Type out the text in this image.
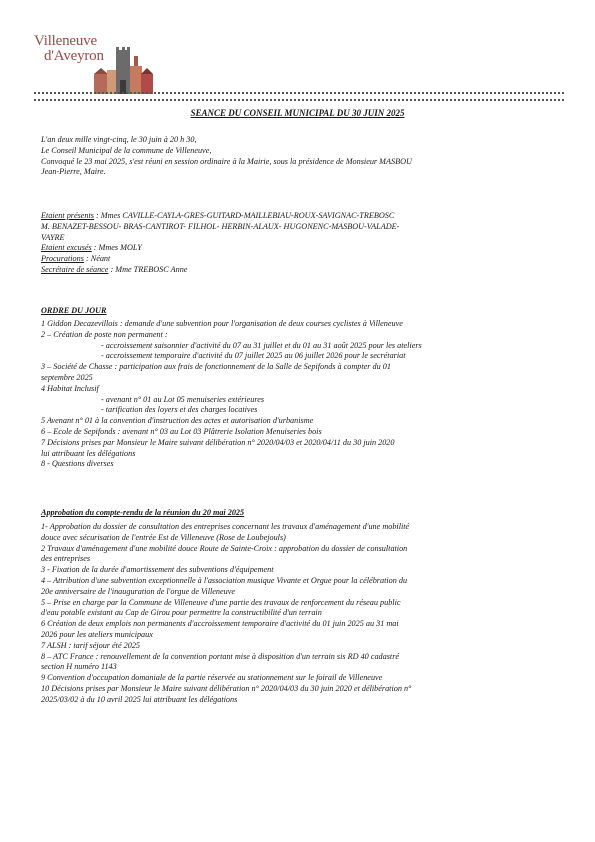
Villeneuve
d'Aveyron
SEANCE DU CONSEIL MUNICIPAL DU 30 JUIN 2025

L'an deux mille vingt-cinq, le 30 juin à 20 h 30,

Le Conseil Municipal de la commune de Villeneuve,

Convoqué le 23 mai 2025, s'est réuni en session ordinaire à la Mairie, sous la présidence de Monsieur MASBOU

Jean-Pierre, Maire.

Etaient présents : Mmes CAVILLE-CAYLA-GRES-GUITARD-MAILLEBIAU-ROUX-SAVIGNAC-TREBOSC

M. BENAZET-BESSOU- BRAS-CANTIROT- FILHOL- HERBIN-ALAUX- HUGONENC-MASBOU-VALADE-

VAYRE

Etaient excusés : Mmes MOLY

Procurations : Néant

Secrétaire de séance : Mme TREBOSC Anne

ORDRE DU JOUR

1 Giddon Decazevillois : demande d'une subvention pour l'organisation de deux courses cyclistes à Villeneuve

2 – Création de poste non permanent :

- accroissement saisonnier d'activité du 07 au 31 juillet et du 01 au 31 août 2025 pour les ateliers

- accroissement temporaire d'activité du 07 juillet 2025 au 06 juillet 2026 pour le secrétariat

3 – Société de Chasse : participation aux frais de fonctionnement de la Salle de Sepifonds à compter du 01

septembre 2025

4 Habitat Inclusif

- avenant n° 01 au Lot 05 menuiseries extérieures

- tarification des loyers et des charges locatives

5 Avenant n° 01 à la convention d'instruction des actes et autorisation d'urbanisme

6 – Ecole de Sepifonds : avenant n° 03 au Lot 03 Plâtrerie Isolation Menuiseries bois

7 Décisions prises par Monsieur le Maire suivant délibération n° 2020/04/03 et 2020/04/11 du 30 juin 2020

lui attribuant les délégations

8 - Questions diverses

Approbation du compte-rendu de la réunion du 20 mai 2025

1- Approbation du dossier de consultation des entreprises concernant les travaux d'aménagement d'une mobilité

douce avec sécurisation de l'entrée Est de Villeneuve (Rose de Loubejouls)

2 Travaux d'aménagement d'une mobilité douce Route de Sainte-Croix : approbation du dossier de consultation

des entreprises

3 - Fixation de la durée d'amortissement des subventions d'équipement

4 – Attribution d'une subvention exceptionnelle à l'association musique Vivante et Orgue pour la célébration du

20e anniversaire de l'inauguration de l'orgue de Villeneuve

5 – Prise en charge par la Commune de Villeneuve d'une partie des travaux de renforcement du réseau public

d'eau potable existant au Cap de Girou pour permettre la constructibilité d'un terrain

6 Création de deux emplois non permanents d'accroissement temporaire d'activité du 01 juin 2025 au 31 mai

2026 pour les ateliers municipaux

7 ALSH : tarif séjour été 2025

8 – ATC France : renouvellement de la convention portant mise à disposition d'un terrain sis RD 40 cadastré

section H numéro 1143

9 Convention d'occupation domaniale de la partie réservée au stationnement sur le foirail de Villeneuve

10 Décisions prises par Monsieur le Maire suivant délibération n° 2020/04/03 du 30 juin 2020 et délibération n°

2025/03/02 à du 10 avril 2025 lui attribuant les délégations
